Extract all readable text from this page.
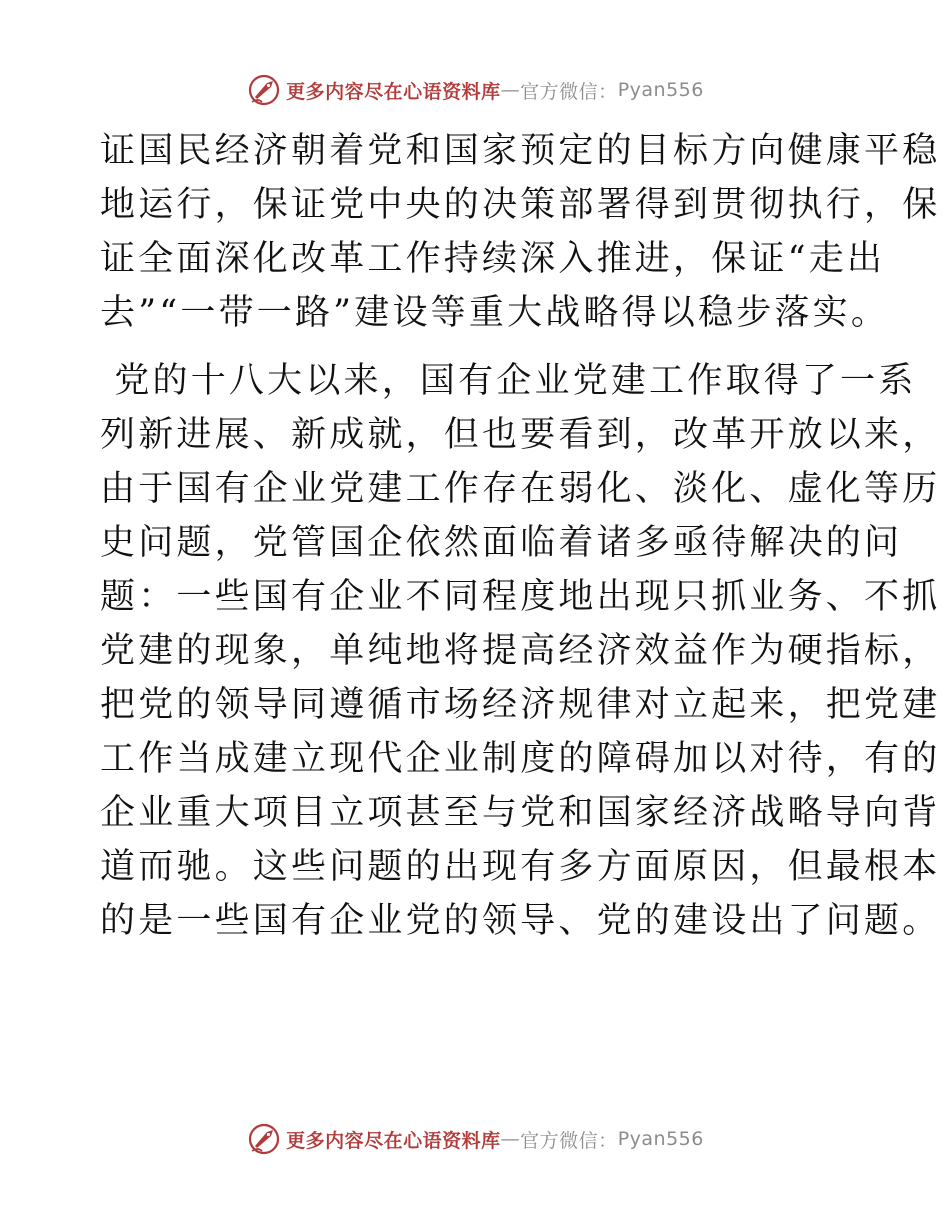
更多内容尽在心语资料库 — 官方微信： Pyan556

证国民经济朝着党和国家预定的目标方向健康平稳
地运行，保证党中央的决策部署得到贯彻执行，保
证全面深化改革工作持续深入推进，保证“走出
去”“一带一路”建设等重大战略得以稳步落实。

党的十八大以来，国有企业党建工作取得了一系
列新进展、新成就，但也要看到，改革开放以来，
由于国有企业党建工作存在弱化、淡化、虚化等历
史问题，党管国企依然面临着诸多亟待解决的问
题：一些国有企业不同程度地出现只抓业务、不抓
党建的现象，单纯地将提高经济效益作为硬指标，
把党的领导同遵循市场经济规律对立起来，把党建
工作当成建立现代企业制度的障碍加以对待，有的
企业重大项目立项甚至与党和国家经济战略导向背
道而驰。这些问题的出现有多方面原因，但最根本
的是一些国有企业党的领导、党的建设出了问题。

更多内容尽在心语资料库 — 官方微信： Pyan556
